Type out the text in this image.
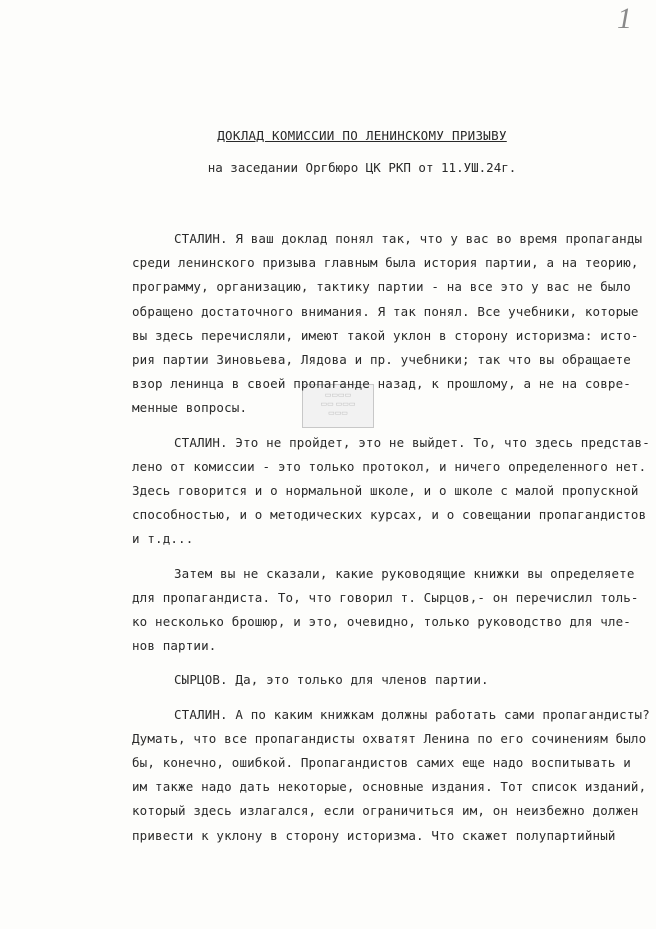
1
ДОКЛАД КОМИССИИ ПО ЛЕНИНСКОМУ ПРИЗЫВУ
на заседании Оргбюро ЦК РКП от 11.УШ.24г.
▭▭▭▭
▭▭ ▭▭▭
▭▭▭
СТАЛИН. Я ваш доклад понял так, что у вас во время пропаганды
среди ленинского призыва главным была история партии, а на теорию,
программу, организацию, тактику партии - на все это у вас не было
обращено достаточного внимания. Я так понял. Все учебники, которые
вы здесь перечисляли, имеют такой уклон в сторону историзма: исто-
рия партии Зиновьева, Лядова и пр. учебники; так что вы обращаете
взор ленинца в своей пропаганде назад, к прошлому, а не на совре-
менные вопросы.
СТАЛИН. Это не пройдет, это не выйдет. То, что здесь представ-
лено от комиссии - это только протокол, и ничего определенного нет.
Здесь говорится и о нормальной школе, и о школе с малой пропускной
способностью, и о методических курсах, и о совещании пропагандистов
и т.д...
Затем вы не сказали, какие руководящие книжки вы определяете
для пропагандиста. То, что говорил т. Сырцов,- он перечислил толь-
ко несколько брошюр, и это, очевидно, только руководство для чле-
нов партии.
СЫРЦОВ. Да, это только для членов партии.
СТАЛИН. А по каким книжкам должны работать сами пропагандисты?
Думать, что все пропагандисты охватят Ленина по его сочинениям было
бы, конечно, ошибкой. Пропагандистов самих еще надо воспитывать и
им также надо дать некоторые, основные издания. Тот список изданий,
который здесь излагался, если ограничиться им, он неизбежно должен
привести к уклону в сторону историзма. Что скажет полупартийный
